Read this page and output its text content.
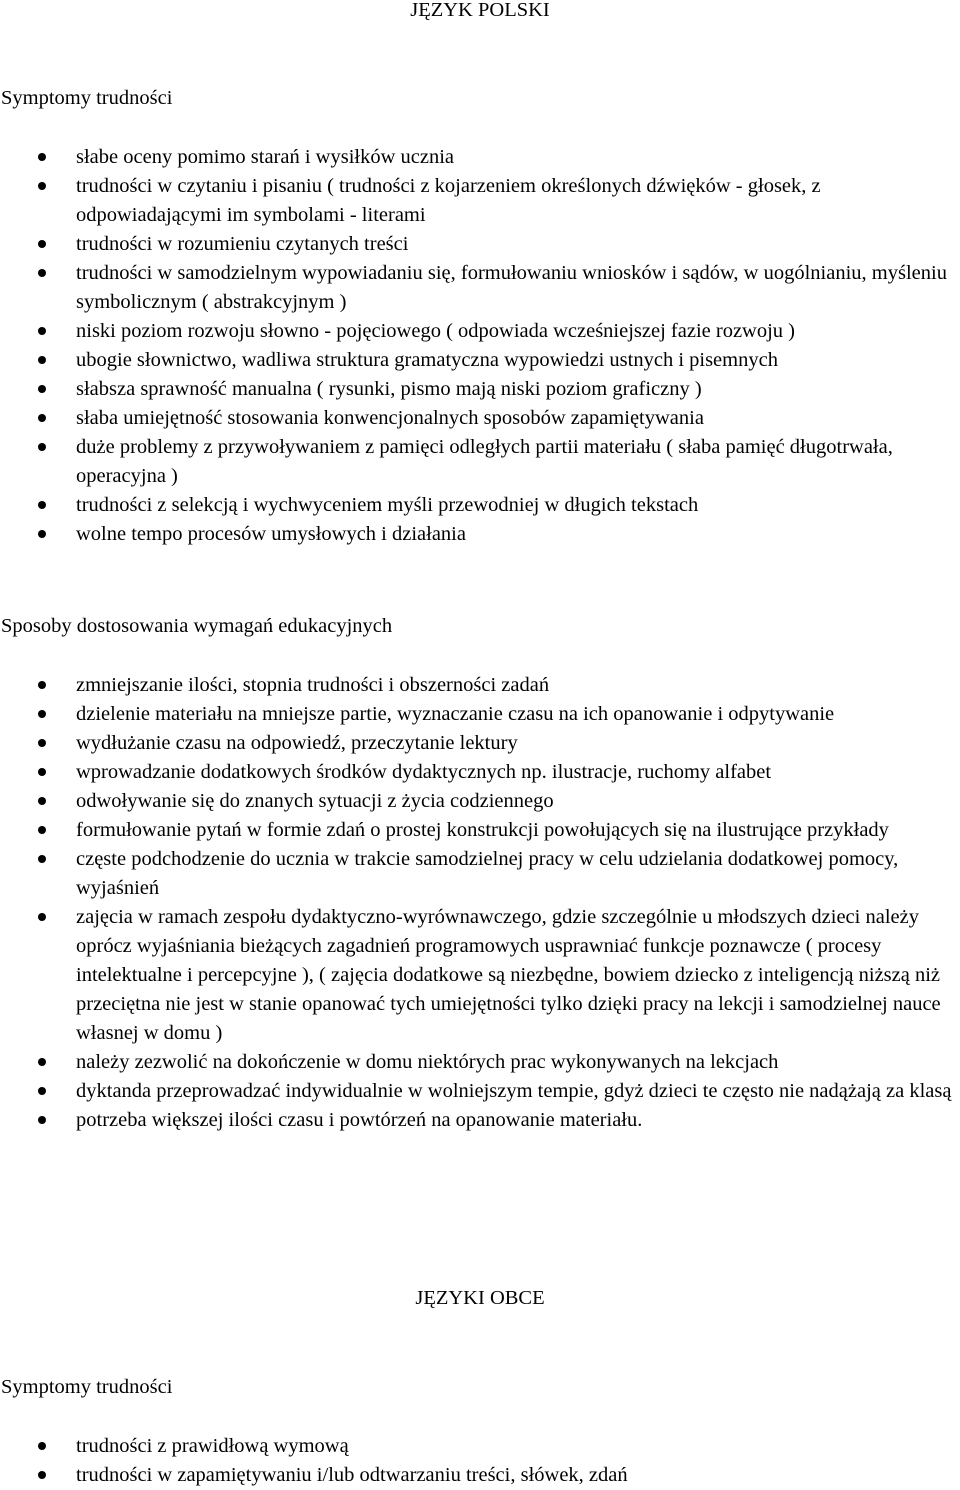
JĘZYK POLSKI
Symptomy trudności
słabe oceny pomimo starań i wysiłków ucznia
trudności w czytaniu i pisaniu ( trudności z kojarzeniem określonych dźwięków - głosek, z odpowiadającymi im symbolami - literami
trudności w rozumieniu czytanych treści
trudności w samodzielnym wypowiadaniu się, formułowaniu wniosków i sądów, w uogólnianiu, myśleniu symbolicznym ( abstrakcyjnym )
niski poziom rozwoju słowno - pojęciowego ( odpowiada wcześniejszej fazie rozwoju )
ubogie słownictwo, wadliwa struktura gramatyczna wypowiedzi ustnych i pisemnych
słabsza sprawność manualna ( rysunki, pismo mają niski poziom graficzny )
słaba umiejętność stosowania konwencjonalnych sposobów zapamiętywania
duże problemy z przywoływaniem z pamięci odległych partii materiału ( słaba pamięć długotrwała, operacyjna )
trudności z selekcją i wychwyceniem myśli przewodniej w długich tekstach
wolne tempo procesów umysłowych i działania
Sposoby dostosowania wymagań edukacyjnych
zmniejszanie ilości, stopnia trudności i obszerności zadań
dzielenie materiału na mniejsze partie, wyznaczanie czasu na ich opanowanie i odpytywanie
wydłużanie czasu na odpowiedź, przeczytanie lektury
wprowadzanie dodatkowych środków dydaktycznych np. ilustracje, ruchomy alfabet
odwoływanie się do znanych sytuacji z życia codziennego
formułowanie pytań w formie zdań o prostej konstrukcji powołujących się na ilustrujące przykłady
częste podchodzenie do ucznia w trakcie samodzielnej pracy w celu udzielania dodatkowej pomocy, wyjaśnień
zajęcia w ramach zespołu dydaktyczno-wyrównawczego, gdzie szczególnie u młodszych dzieci należy oprócz wyjaśniania bieżących zagadnień programowych usprawniać funkcje poznawcze ( procesy intelektualne i percepcyjne ), ( zajęcia dodatkowe są niezbędne, bowiem dziecko z inteligencją niższą niż przeciętna nie jest w stanie opanować tych umiejętności tylko dzięki pracy na lekcji i samodzielnej nauce własnej w domu )
należy zezwolić na dokończenie w domu niektórych prac wykonywanych na lekcjach
dyktanda przeprowadzać indywidualnie w wolniejszym tempie, gdyż dzieci te często nie nadążają za klasą
potrzeba większej ilości czasu i powtórzeń na opanowanie materiału.
JĘZYKI OBCE
Symptomy trudności
trudności z prawidłową wymową
trudności w zapamiętywaniu i/lub odtwarzaniu treści, słówek, zdań
